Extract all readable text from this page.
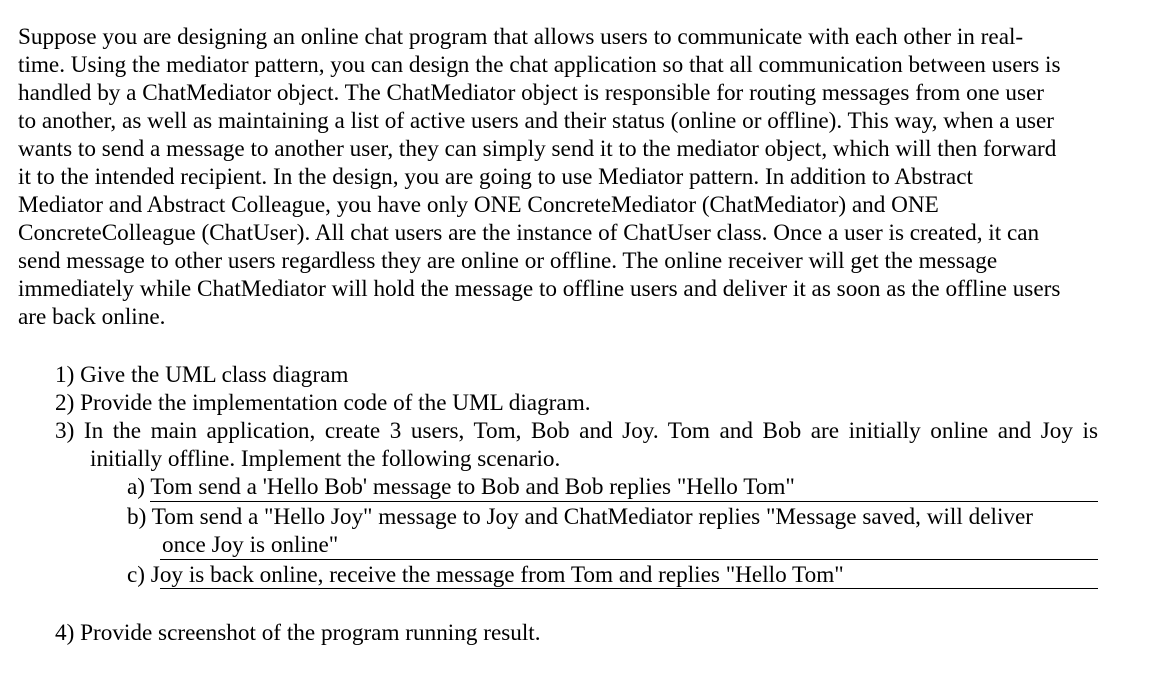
Suppose you are designing an online chat program that allows users to communicate with each other in real-
time. Using the mediator pattern, you can design the chat application so that all communication between users is
handled by a ChatMediator object. The ChatMediator object is responsible for routing messages from one user
to another, as well as maintaining a list of active users and their status (online or offline). This way, when a user
wants to send a message to another user, they can simply send it to the mediator object, which will then forward
it to the intended recipient. In the design, you are going to use Mediator pattern. In addition to Abstract
Mediator and Abstract Colleague, you have only ONE ConcreteMediator (ChatMediator) and ONE
ConcreteColleague (ChatUser). All chat users are the instance of ChatUser class. Once a user is created, it can
send message to other users regardless they are online or offline. The online receiver will get the message
immediately while ChatMediator will hold the message to offline users and deliver it as soon as the offline users
are back online.
1) Give the UML class diagram
2) Provide the implementation code of the UML diagram.
3) In the main application, create 3 users, Tom, Bob and Joy. Tom and Bob are initially online and Joy is
initially offline. Implement the following scenario.
a) Tom send a 'Hello Bob' message to Bob and Bob replies "Hello Tom"
b) Tom send a "Hello Joy" message to Joy and ChatMediator replies "Message saved, will deliver
once Joy is online"
c) Joy is back online, receive the message from Tom and replies "Hello Tom"
4) Provide screenshot of the program running result.
